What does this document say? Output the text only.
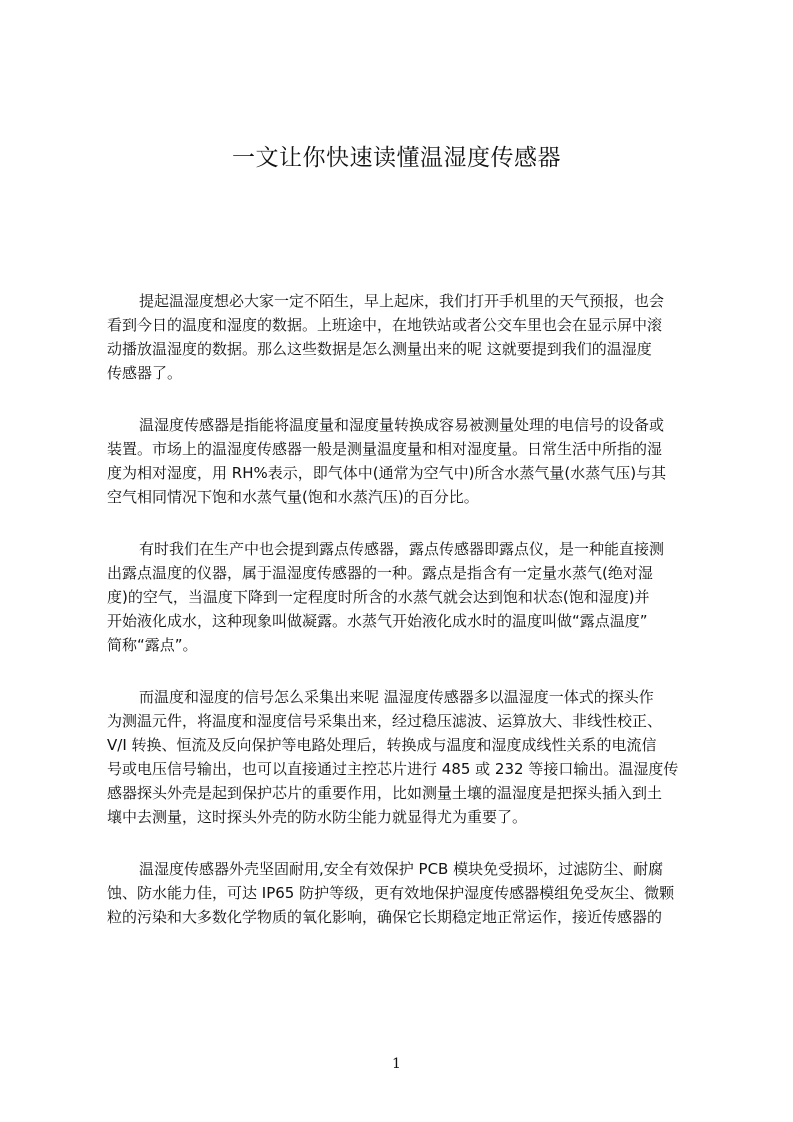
一文让你快速读懂温湿度传感器

提起温湿度想必大家一定不陌生，早上起床，我们打开手机里的天气预报，也会
看到今日的温度和湿度的数据。上班途中，在地铁站或者公交车里也会在显示屏中滚
动播放温湿度的数据。那么这些数据是怎么测量出来的呢 这就要提到我们的温湿度
传感器了。

温湿度传感器是指能将温度量和湿度量转换成容易被测量处理的电信号的设备或
装置。市场上的温湿度传感器一般是测量温度量和相对湿度量。日常生活中所指的湿
度为相对湿度，用 RH%表示，即气体中(通常为空气中)所含水蒸气量(水蒸气压)与其
空气相同情况下饱和水蒸气量(饱和水蒸汽压)的百分比。

有时我们在生产中也会提到露点传感器，露点传感器即露点仪，是一种能直接测
出露点温度的仪器，属于温湿度传感器的一种。露点是指含有一定量水蒸气(绝对湿
度)的空气，当温度下降到一定程度时所含的水蒸气就会达到饱和状态(饱和湿度)并
开始液化成水，这种现象叫做凝露。水蒸气开始液化成水时的温度叫做“露点温度”
简称“露点”。

而温度和湿度的信号怎么采集出来呢 温湿度传感器多以温湿度一体式的探头作
为测温元件，将温度和湿度信号采集出来，经过稳压滤波、运算放大、非线性校正、
V/I 转换、恒流及反向保护等电路处理后，转换成与温度和湿度成线性关系的电流信
号或电压信号输出，也可以直接通过主控芯片进行 485 或 232 等接口输出。温湿度传
感器探头外壳是起到保护芯片的重要作用，比如测量土壤的温湿度是把探头插入到土
壤中去测量，这时探头外壳的防水防尘能力就显得尤为重要了。

温湿度传感器外壳坚固耐用,安全有效保护 PCB 模块免受损坏，过滤防尘、耐腐
蚀、防水能力佳，可达 IP65 防护等级，更有效地保护湿度传感器模组免受灰尘、微颗
粒的污染和大多数化学物质的氧化影响，确保它长期稳定地正常运作，接近传感器的

1
